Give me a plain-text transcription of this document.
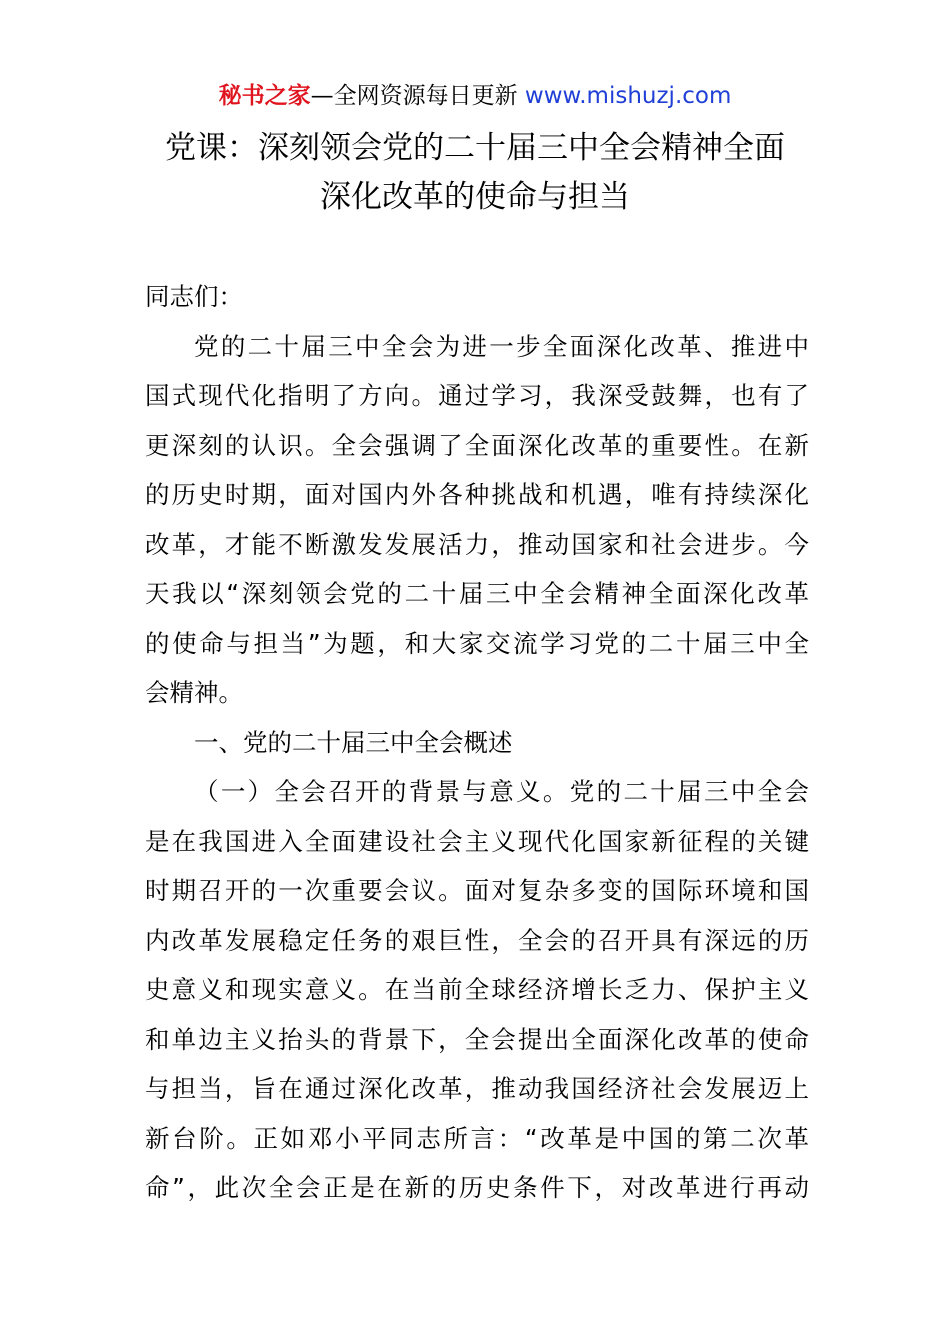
秘书之家—全网资源每日更新 www.mishuzj.com
党课：深刻领会党的二十届三中全会精神全面
深化改革的使命与担当
同志们：
党的二十届三中全会为进一步全面深化改革、推进中
国式现代化指明了方向。通过学习，我深受鼓舞，也有了
更深刻的认识。全会强调了全面深化改革的重要性。在新
的历史时期，面对国内外各种挑战和机遇，唯有持续深化
改革，才能不断激发发展活力，推动国家和社会进步。今
天我以“深刻领会党的二十届三中全会精神全面深化改革
的使命与担当”为题，和大家交流学习党的二十届三中全
会精神。
一、党的二十届三中全会概述
（一）全会召开的背景与意义。党的二十届三中全会
是在我国进入全面建设社会主义现代化国家新征程的关键
时期召开的一次重要会议。面对复杂多变的国际环境和国
内改革发展稳定任务的艰巨性，全会的召开具有深远的历
史意义和现实意义。在当前全球经济增长乏力、保护主义
和单边主义抬头的背景下，全会提出全面深化改革的使命
与担当，旨在通过深化改革，推动我国经济社会发展迈上
新台阶。正如邓小平同志所言：“改革是中国的第二次革
命”，此次全会正是在新的历史条件下，对改革进行再动
